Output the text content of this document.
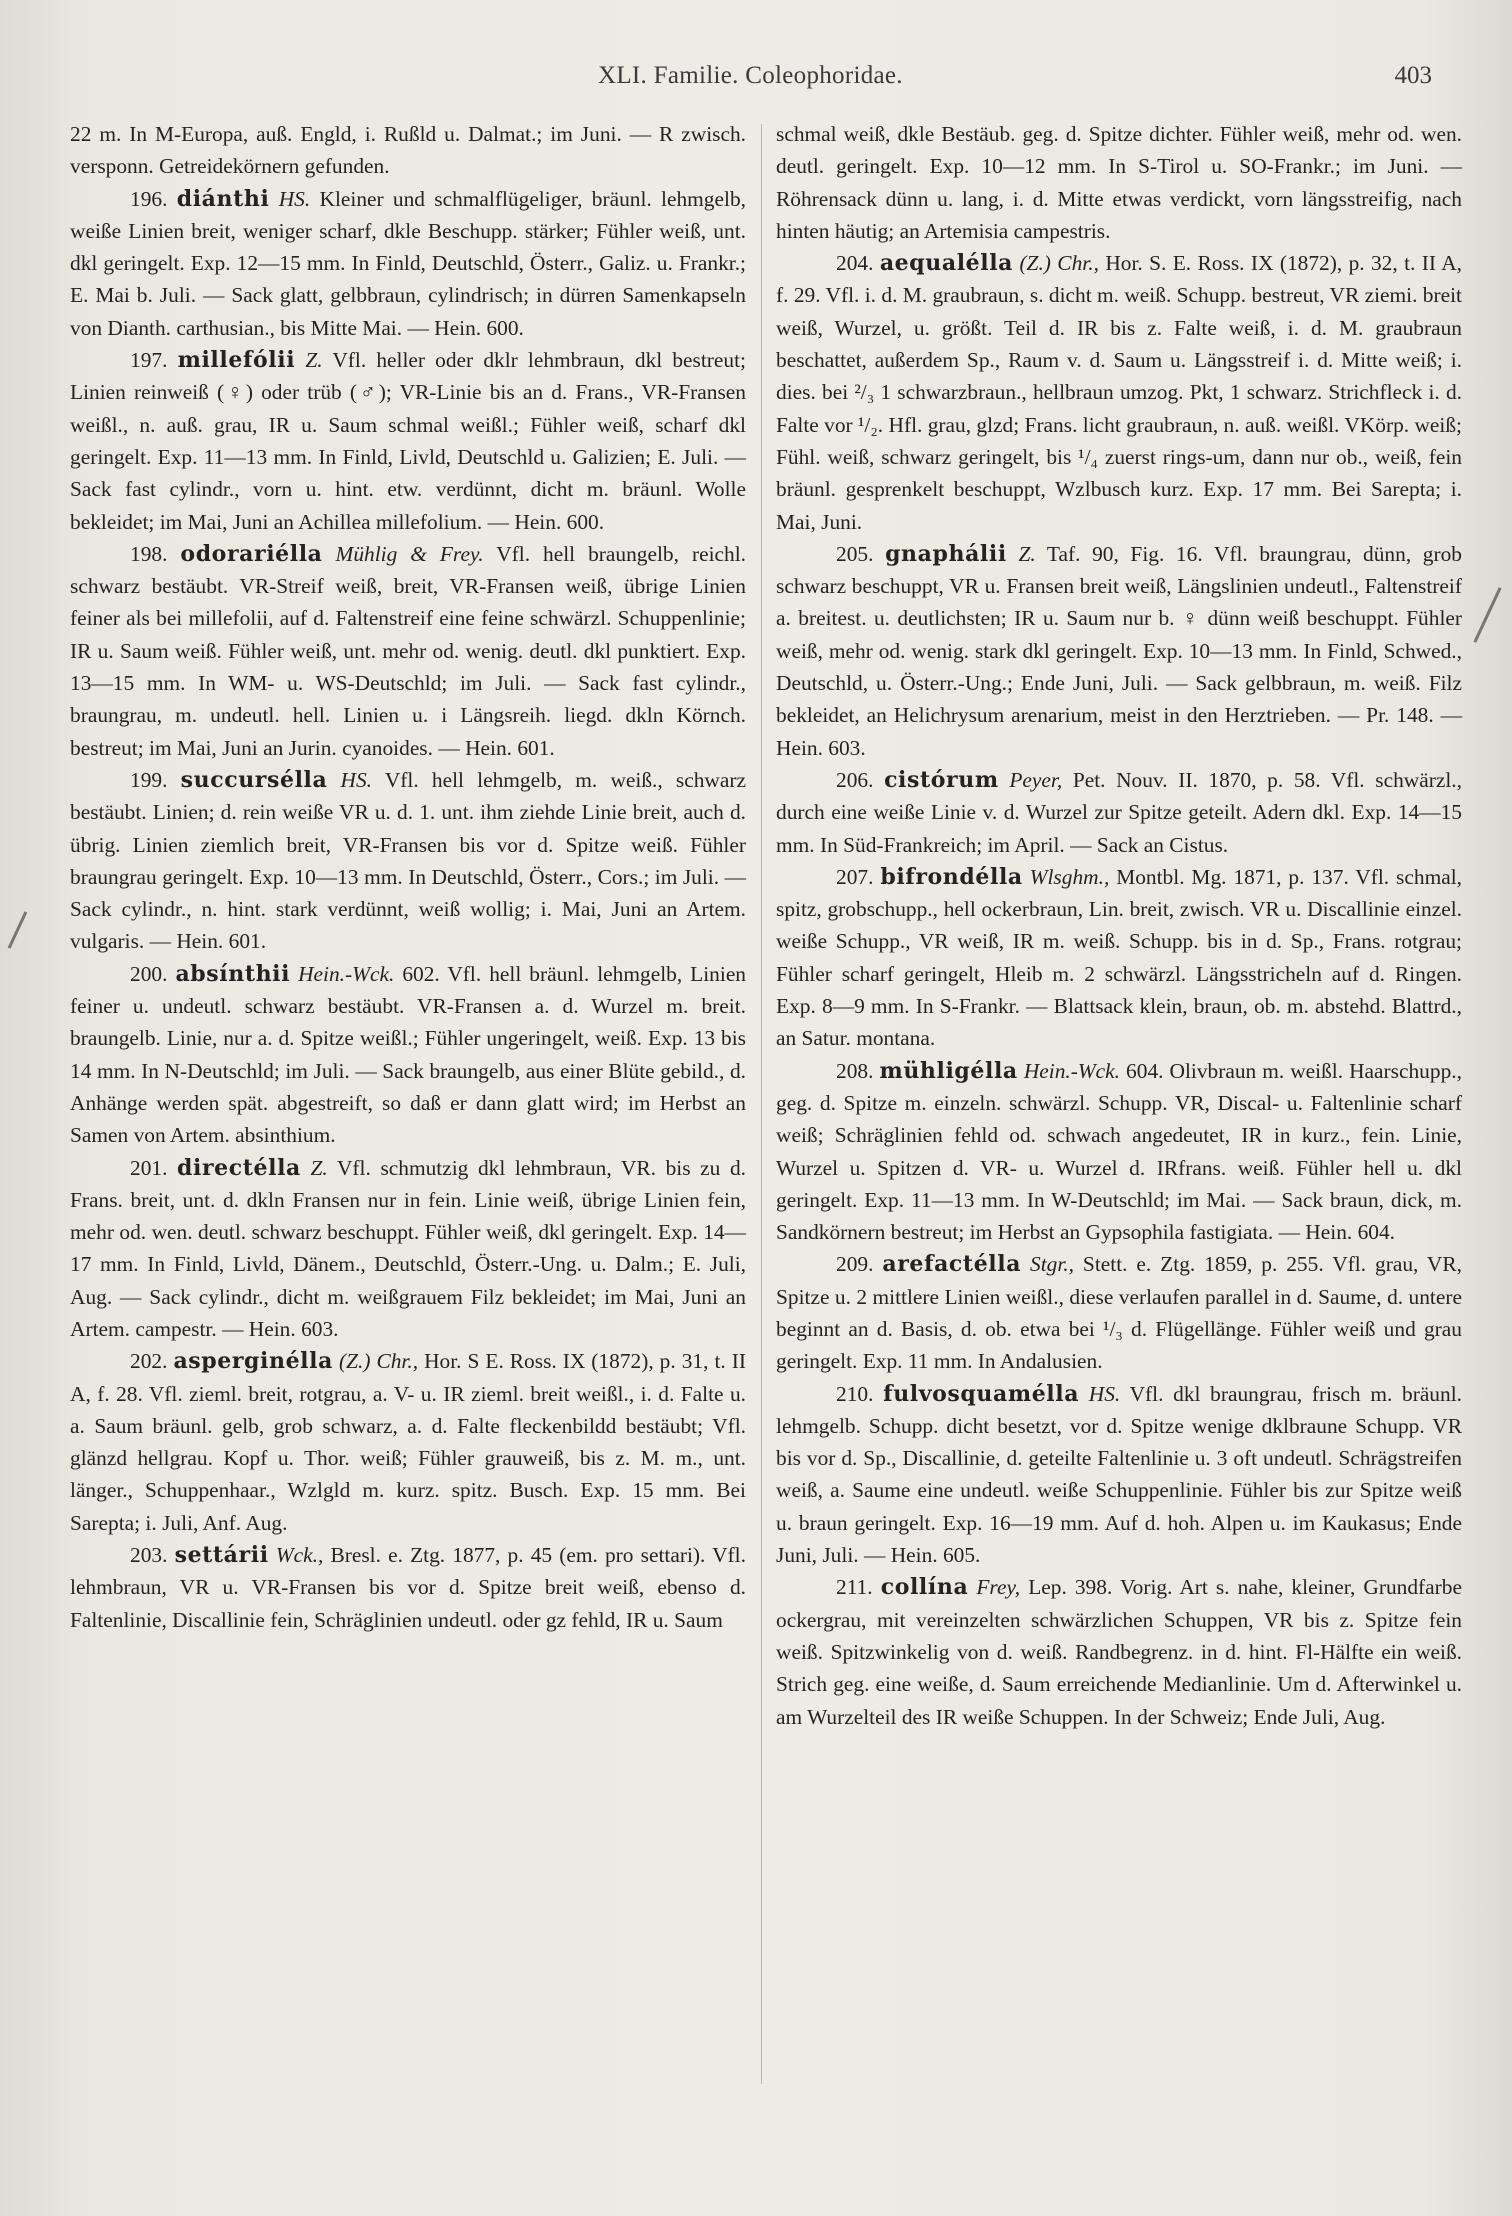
XLI. Familie. Coleophoridae.	403

22 m. In M-Europa, auß. Engld, i. Rußld u. Dalmat.; im Juni. — R zwisch. versponn. Getreidekörnern gefunden.

196. diánthi HS. Kleiner und schmalflügeliger, bräunl. lehmgelb, weiße Linien breit, weniger scharf, dkle Beschupp. stärker; Fühler weiß, unt. dkl geringelt. Exp. 12—15 mm. In Finld, Deutschld, Österr., Galiz. u. Frankr.; E. Mai b. Juli. — Sack glatt, gelbbraun, cylindrisch; in dürren Samenkapseln von Dianth. carthusian., bis Mitte Mai. — Hein. 600.

197. millefólii Z. Vfl. heller oder dklr lehmbraun, dkl bestreut; Linien reinweiß (♀) oder trüb (♂); VR-Linie bis an d. Frans., VR-Fransen weißl., n. auß. grau, IR u. Saum schmal weißl.; Fühler weiß, scharf dkl geringelt. Exp. 11—13 mm. In Finld, Livld, Deutschld u. Galizien; E. Juli. — Sack fast cylindr., vorn u. hint. etw. verdünnt, dicht m. bräunl. Wolle bekleidet; im Mai, Juni an Achillea millefolium. — Hein. 600.

198. odorariélla Mühlig & Frey. Vfl. hell braungelb, reichl. schwarz bestäubt. VR-Streif weiß, breit, VR-Fransen weiß, übrige Linien feiner als bei millefolii, auf d. Faltenstreif eine feine schwärzl. Schuppenlinie; IR u. Saum weiß. Fühler weiß, unt. mehr od. wenig. deutl. dkl punktiert. Exp. 13—15 mm. In WM- u. WS-Deutschld; im Juli. — Sack fast cylindr., braungrau, m. undeutl. hell. Linien u. i Längsreih. liegd. dkln Körnch. bestreut; im Mai, Juni an Jurin. cyanoides. — Hein. 601.

199. succursélla HS. Vfl. hell lehmgelb, m. weiß., schwarz bestäubt. Linien; d. rein weiße VR u. d. 1. unt. ihm ziehde Linie breit, auch d. übrig. Linien ziemlich breit, VR-Fransen bis vor d. Spitze weiß. Fühler braungrau geringelt. Exp. 10—13 mm. In Deutschld, Österr., Cors.; im Juli. — Sack cylindr., n. hint. stark verdünnt, weiß wollig; i. Mai, Juni an Artem. vulgaris. — Hein. 601.

200. absínthii Hein.-Wck. 602. Vfl. hell bräunl. lehmgelb, Linien feiner u. undeutl. schwarz bestäubt. VR-Fransen a. d. Wurzel m. breit. braungelb. Linie, nur a. d. Spitze weißl.; Fühler ungeringelt, weiß. Exp. 13 bis 14 mm. In N-Deutschld; im Juli. — Sack braungelb, aus einer Blüte gebild., d. Anhänge werden spät. abgestreift, so daß er dann glatt wird; im Herbst an Samen von Artem. absinthium.

201. directélla Z. Vfl. schmutzig dkl lehmbraun, VR. bis zu d. Frans. breit, unt. d. dkln Fransen nur in fein. Linie weiß, übrige Linien fein, mehr od. wen. deutl. schwarz beschuppt. Fühler weiß, dkl geringelt. Exp. 14—17 mm. In Finld, Livld, Dänem., Deutschld, Österr.-Ung. u. Dalm.; E. Juli, Aug. — Sack cylindr., dicht m. weißgrauem Filz bekleidet; im Mai, Juni an Artem. campestr. — Hein. 603.

202. asperginélla (Z.) Chr., Hor. S E. Ross. IX (1872), p. 31, t. II A, f. 28. Vfl. zieml. breit, rotgrau, a. V- u. IR zieml. breit weißl., i. d. Falte u. a. Saum bräunl. gelb, grob schwarz, a. d. Falte fleckenbildd bestäubt; Vfl. glänzd hellgrau. Kopf u. Thor. weiß; Fühler grauweiß, bis z. M. m., unt. länger., Schuppenhaar., Wzlgld m. kurz. spitz. Busch. Exp. 15 mm. Bei Sarepta; i. Juli, Anf. Aug.

203. settárii Wck., Bresl. e. Ztg. 1877, p. 45 (em. pro settari). Vfl. lehmbraun, VR u. VR-Fransen bis vor d. Spitze breit weiß, ebenso d. Faltenlinie, Discallinie fein, Schräglinien undeutl. oder gz fehld, IR u. Saum

schmal weiß, dkle Bestäub. geg. d. Spitze dichter. Fühler weiß, mehr od. wen. deutl. geringelt. Exp. 10—12 mm. In S-Tirol u. SO-Frankr.; im Juni. — Röhrensack dünn u. lang, i. d. Mitte etwas verdickt, vorn längsstreifig, nach hinten häutig; an Artemisia campestris.

204. aequalélla (Z.) Chr., Hor. S. E. Ross. IX (1872), p. 32, t. II A, f. 29. Vfl. i. d. M. graubraun, s. dicht m. weiß. Schupp. bestreut, VR ziemi. breit weiß, Wurzel, u. größt. Teil d. IR bis z. Falte weiß, i. d. M. graubraun beschattet, außerdem Sp., Raum v. d. Saum u. Längsstreif i. d. Mitte weiß; i. dies. bei ²/₃ 1 schwarzbraun., hellbraun umzog. Pkt, 1 schwarz. Strichfleck i. d. Falte vor ¹/₂. Hfl. grau, glzd; Frans. licht graubraun, n. auß. weißl. VKörp. weiß; Fühl. weiß, schwarz geringelt, bis ¹/₄ zuerst rings-um, dann nur ob., weiß, fein bräunl. gesprenkelt beschuppt, Wzlbusch kurz. Exp. 17 mm. Bei Sarepta; i. Mai, Juni.

205. gnaphálii Z. Taf. 90, Fig. 16. Vfl. braungrau, dünn, grob schwarz beschuppt, VR u. Fransen breit weiß, Längslinien undeutl., Faltenstreif a. breitest. u. deutlichsten; IR u. Saum nur b. ♀ dünn weiß beschuppt. Fühler weiß, mehr od. wenig. stark dkl geringelt. Exp. 10—13 mm. In Finld, Schwed., Deutschld, u. Österr.-Ung.; Ende Juni, Juli. — Sack gelbbraun, m. weiß. Filz bekleidet, an Helichrysum arenarium, meist in den Herztrieben. — Pr. 148. — Hein. 603.

206. cistórum Peyer, Pet. Nouv. II. 1870, p. 58. Vfl. schwärzl., durch eine weiße Linie v. d. Wurzel zur Spitze geteilt. Adern dkl. Exp. 14—15 mm. In Süd-Frankreich; im April. — Sack an Cistus.

207. bifrondélla Wlsghm., Montbl. Mg. 1871, p. 137. Vfl. schmal, spitz, grobschupp., hell ockerbraun, Lin. breit, zwisch. VR u. Discallinie einzel. weiße Schupp., VR weiß, IR m. weiß. Schupp. bis in d. Sp., Frans. rotgrau; Fühler scharf geringelt, Hleib m. 2 schwärzl. Längsstricheln auf d. Ringen. Exp. 8—9 mm. In S-Frankr. — Blattsack klein, braun, ob. m. abstehd. Blattrd., an Satur. montana.

208. mühligélla Hein.-Wck. 604. Olivbraun m. weißl. Haarschupp., geg. d. Spitze m. einzeln. schwärzl. Schupp. VR, Discal- u. Faltenlinie scharf weiß; Schräglinien fehld od. schwach angedeutet, IR in kurz., fein. Linie, Wurzel u. Spitzen d. VR- u. Wurzel d. IRfrans. weiß. Fühler hell u. dkl geringelt. Exp. 11—13 mm. In W-Deutschld; im Mai. — Sack braun, dick, m. Sandkörnern bestreut; im Herbst an Gypsophila fastigiata. — Hein. 604.

209. arefactélla Stgr., Stett. e. Ztg. 1859, p. 255. Vfl. grau, VR, Spitze u. 2 mittlere Linien weißl., diese verlaufen parallel in d. Saume, d. untere beginnt an d. Basis, d. ob. etwa bei ¹/₃ d. Flügellänge. Fühler weiß und grau geringelt. Exp. 11 mm. In Andalusien.

210. fulvosquamélla HS. Vfl. dkl braungrau, frisch m. bräunl. lehmgelb. Schupp. dicht besetzt, vor d. Spitze wenige dklbraune Schupp. VR bis vor d. Sp., Discallinie, d. geteilte Faltenlinie u. 3 oft undeutl. Schrägstreifen weiß, a. Saume eine undeutl. weiße Schuppenlinie. Fühler bis zur Spitze weiß u. braun geringelt. Exp. 16—19 mm. Auf d. hoh. Alpen u. im Kaukasus; Ende Juni, Juli. — Hein. 605.

211. collína Frey, Lep. 398. Vorig. Art s. nahe, kleiner, Grundfarbe ockergrau, mit vereinzelten schwärzlichen Schuppen, VR bis z. Spitze fein weiß. Spitzwinkelig von d. weiß. Randbegrenz. in d. hint. Fl-Hälfte ein weiß. Strich geg. eine weiße, d. Saum erreichende Medianlinie. Um d. Afterwinkel u. am Wurzelteil des IR weiße Schuppen. In der Schweiz; Ende Juli, Aug.
